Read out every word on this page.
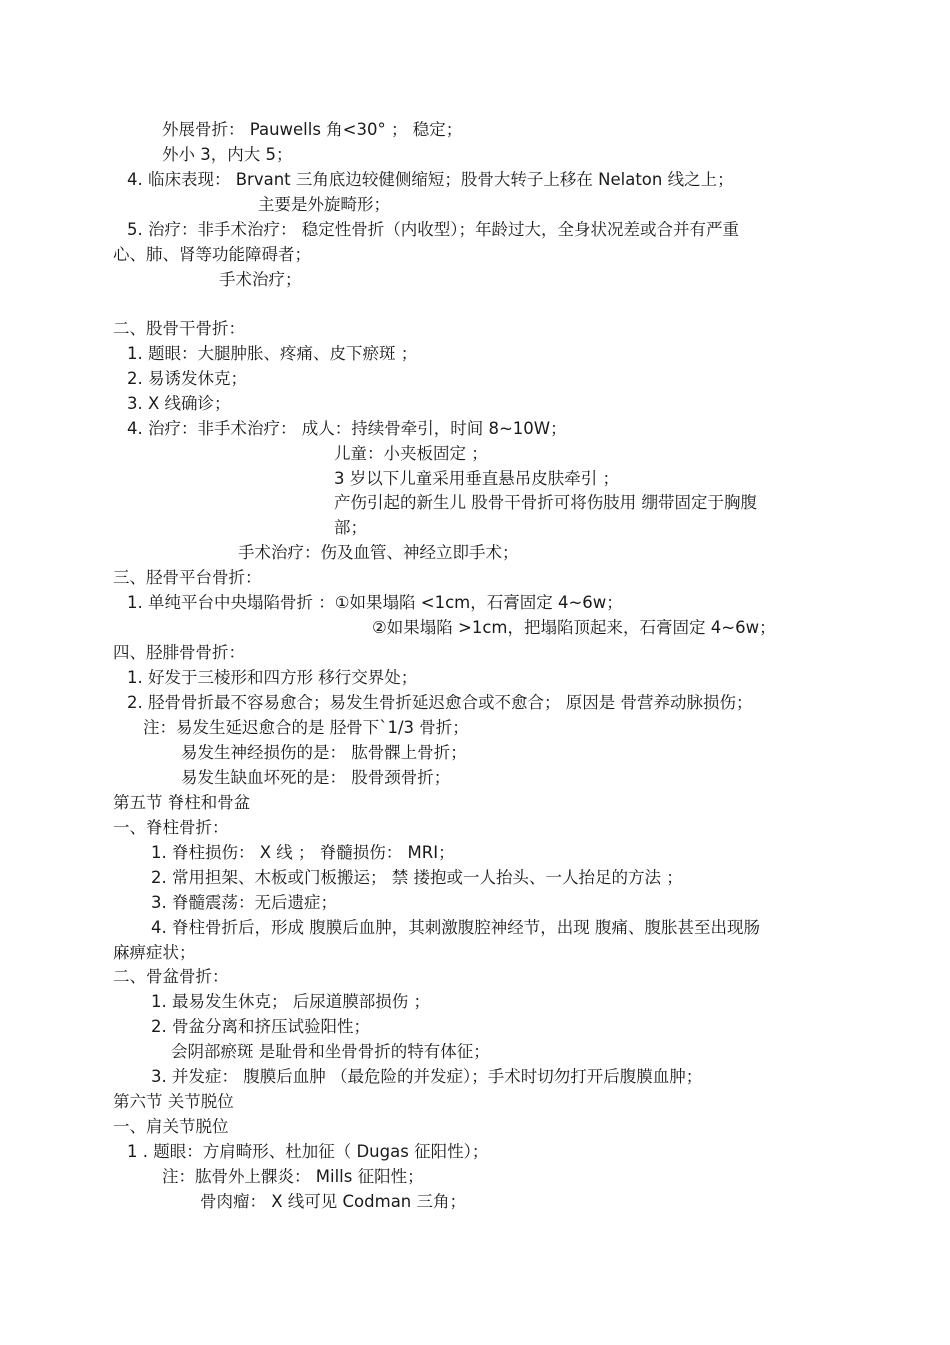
外展骨折： Pauwells 角<30° ； 稳定；
外小 3，内大 5；
4. 临床表现： Brvant 三角底边较健侧缩短；股骨大转子上移在 Nelaton 线之上；
主要是外旋畸形；
5. 治疗：非手术治疗： 稳定性骨折（内收型）；年龄过大，全身状况差或合并有严重
心、肺、肾等功能障碍者；
手术治疗；
二、股骨干骨折：
1. 题眼：大腿肿胀、疼痛、皮下瘀斑 ；
2. 易诱发休克；
3. X 线确诊；
4. 治疗：非手术治疗： 成人：持续骨牵引，时间 8~10W；
儿童：小夹板固定 ；
3 岁以下儿童采用垂直悬吊皮肤牵引 ；
产伤引起的新生儿 股骨干骨折可将伤肢用 绷带固定于胸腹
部；
手术治疗：伤及血管、神经立即手术；
三、胫骨平台骨折：
1. 单纯平台中央塌陷骨折 ：①如果塌陷 <1cm，石膏固定 4~6w；
②如果塌陷 >1cm，把塌陷顶起来，石膏固定 4~6w；
四、胫腓骨骨折：
1. 好发于三棱形和四方形 移行交界处；
2. 胫骨骨折最不容易愈合；易发生骨折延迟愈合或不愈合； 原因是 骨营养动脉损伤；
注：易发生延迟愈合的是 胫骨下`1/3 骨折；
易发生神经损伤的是： 肱骨髁上骨折；
易发生缺血坏死的是： 股骨颈骨折；
第五节 脊柱和骨盆
一、脊柱骨折：
1. 脊柱损伤： X 线 ； 脊髓损伤： MRI；
2. 常用担架、木板或门板搬运； 禁 搂抱或一人抬头、一人抬足的方法 ；
3. 脊髓震荡：无后遗症；
4. 脊柱骨折后，形成 腹膜后血肿，其刺激腹腔神经节，出现 腹痛、腹胀甚至出现肠
麻痹症状；
二、骨盆骨折：
1. 最易发生休克； 后尿道膜部损伤 ；
2. 骨盆分离和挤压试验阳性；
会阴部瘀斑 是耻骨和坐骨骨折的特有体征；
3. 并发症： 腹膜后血肿 （最危险的并发症）；手术时切勿打开后腹膜血肿；
第六节 关节脱位
一、肩关节脱位
1 . 题眼：方肩畸形、杜加征（ Dugas 征阳性）；
注：肱骨外上髁炎： Mills 征阳性；
骨肉瘤： X 线可见 Codman 三角；
